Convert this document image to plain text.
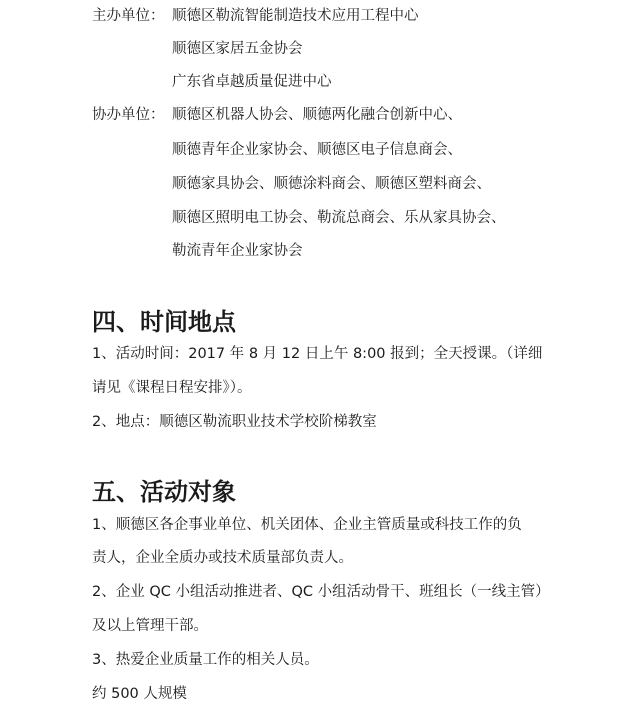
主办单位： 顺德区勒流智能制造技术应用工程中心
顺德区家居五金协会
广东省卓越质量促进中心
协办单位： 顺德区机器人协会、顺德两化融合创新中心、
顺德青年企业家协会、顺德区电子信息商会、
顺德家具协会、顺德涂料商会、顺德区塑料商会、
顺德区照明电工协会、勒流总商会、乐从家具协会、
勒流青年企业家协会
四、时间地点
1、活动时间：2017 年 8 月 12 日上午 8:00 报到；全天授课。（详细
请见《课程日程安排》）。
2、地点：顺德区勒流职业技术学校阶梯教室
五、活动对象
1、顺德区各企事业单位、机关团体、企业主管质量或科技工作的负
责人，企业全质办或技术质量部负责人。
2、企业 QC 小组活动推进者、QC 小组活动骨干、班组长（一线主管）
及以上管理干部。
3、热爱企业质量工作的相关人员。
约 500 人规模
